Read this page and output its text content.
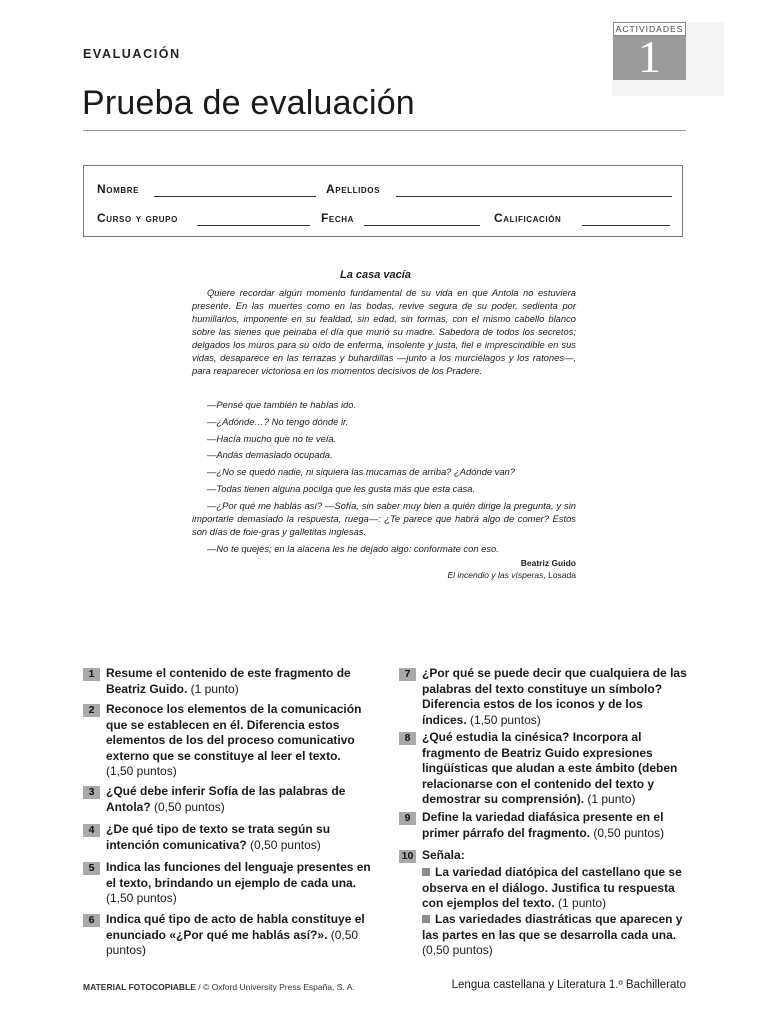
EVALUACIÓN
Prueba de evaluación
ACTIVIDADES
1
Nombre	Apellidos
Curso y grupo	Fecha	Calificación
La casa vacía
Quiere recordar algún momento fundamental de su vida en que Antola no estuviera presente. En las muertes como en las bodas, revive segura de su poder, sedienta por humillarlos, imponente en su fealdad, sin edad, sin formas, con el mismo cabello blanco sobre las sienes que peinaba el día que murió su madre. Sabedora de todos los secretos; delgados los muros para su oído de enferma, insolente y justa, fiel e imprescindible en sus vidas, desaparece en las terrazas y buhardillas —junto a los murciélagos y los ratones—, para reaparecer victoriosa en los momentos decisivos de los Pradere.
—Pensé que también te habías ido.
—¿Adónde…? No tengo dónde ir.
—Hacía mucho que no te veía.
—Andás demasiado ocupada.
—¿No se quedó nadie, ni siquiera las mucamas de arriba? ¿Adónde van?
—Todas tienen alguna pocilga que les gusta más que esta casa.
—¿Por qué me hablás así? —Sofía, sin saber muy bien a quién dirige la pregunta, y sin importarle demasiado la respuesta, ruega—: ¿Te parece que habrá algo de comer? Estos son días de foie-gras y galletitas inglesas.
—No te quejés; en la alacena les he dejado algo: conformate con eso.
Beatriz Guido
El incendio y las vísperas, Losada
1 Resume el contenido de este fragmento de Beatriz Guido. (1 punto)
2 Reconoce los elementos de la comunicación que se establecen en él. Diferencia estos elementos de los del proceso comunicativo externo que se constituye al leer el texto. (1,50 puntos)
3 ¿Qué debe inferir Sofía de las palabras de Antola? (0,50 puntos)
4 ¿De qué tipo de texto se trata según su intención comunicativa? (0,50 puntos)
5 Indica las funciones del lenguaje presentes en el texto, brindando un ejemplo de cada una. (1,50 puntos)
6 Indica qué tipo de acto de habla constituye el enunciado «¿Por qué me hablás así?». (0,50 puntos)
7 ¿Por qué se puede decir que cualquiera de las palabras del texto constituye un símbolo? Diferencia estos de los iconos y de los índices. (1,50 puntos)
8 ¿Qué estudia la cinésica? Incorpora al fragmento de Beatriz Guido expresiones lingüísticas que aludan a este ámbito (deben relacionarse con el contenido del texto y demostrar su comprensión). (1 punto)
9 Define la variedad diafásica presente en el primer párrafo del fragmento. (0,50 puntos)
10 Señala:
La variedad diatópica del castellano que se observa en el diálogo. Justifica tu respuesta con ejemplos del texto. (1 punto)
Las variedades diastráticas que aparecen y las partes en las que se desarrolla cada una. (0,50 puntos)
MATERIAL FOTOCOPIABLE / © Oxford University Press España, S. A.	Lengua castellana y Literatura 1.º Bachillerato
